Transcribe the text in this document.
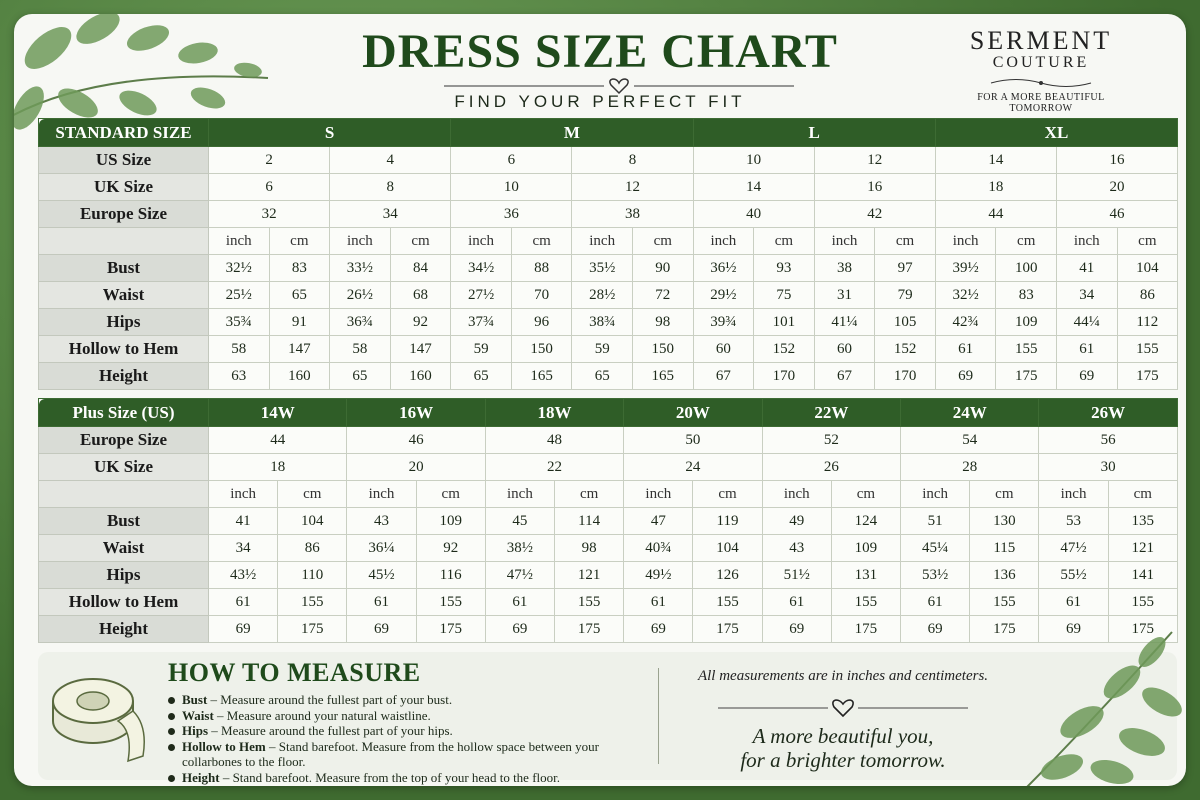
DRESS SIZE CHART
FIND YOUR PERFECT FIT
SERMENT
COUTURE
FOR A MORE BEAUTIFUL TOMORROW
STANDARD SIZE	S				M				L				XL			
US Size	2		4		6		8		10		12		14		16	
UK Size	6		8		10		12		14		16		18		20	
Europe Size	32		34		36		38		40		42		44		46	
	inch	cm	inch	cm	inch	cm	inch	cm	inch	cm	inch	cm	inch	cm	inch	cm
Bust	32½	83	33½	84	34½	88	35½	90	36½	93	38	97	39½	100	41	104
Waist	25½	65	26½	68	27½	70	28½	72	29½	75	31	79	32½	83	34	86
Hips	35¾	91	36¾	92	37¾	96	38¾	98	39¾	101	41¼	105	42¾	109	44¼	112
Hollow to Hem	58	147	58	147	59	150	59	150	60	152	60	152	61	155	61	155
Height	63	160	65	160	65	165	65	165	67	170	67	170	69	175	69	175
Plus Size (US)	14W		16W		18W		20W		22W		24W		26W	
Europe Size	44		46		48		50		52		54		56	
UK Size	18		20		22		24		26		28		30	
	inch	cm	inch	cm	inch	cm	inch	cm	inch	cm	inch	cm	inch	cm
Bust	41	104	43	109	45	114	47	119	49	124	51	130	53	135
Waist	34	86	36¼	92	38½	98	40¾	104	43	109	45¼	115	47½	121
Hips	43½	110	45½	116	47½	121	49½	126	51½	131	53½	136	55½	141
Hollow to Hem	61	155	61	155	61	155	61	155	61	155	61	155	61	155
Height	69	175	69	175	69	175	69	175	69	175	69	175	69	175
HOW TO MEASURE
Bust – Measure around the fullest part of your bust.
Waist – Measure around your natural waistline.
Hips – Measure around the fullest part of your hips.
Hollow to Hem – Stand barefoot. Measure from the hollow space between your collarbones to the floor.
Height – Stand barefoot. Measure from the top of your head to the floor.
All measurements are in inches and centimeters.
A more beautiful you,
for a brighter tomorrow.
